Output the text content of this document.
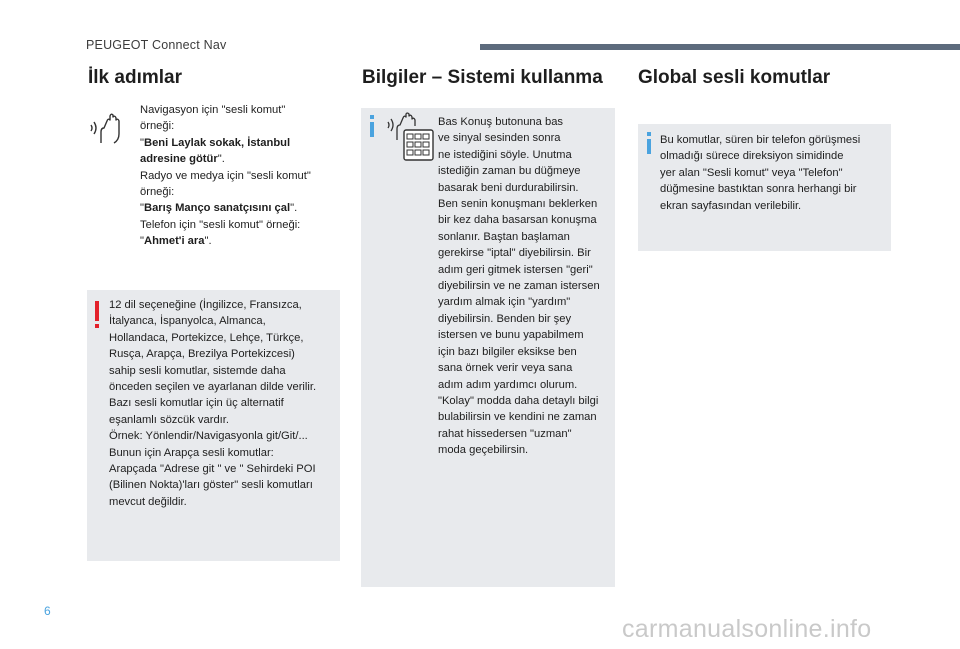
PEUGEOT Connect Nav
İlk adımlar
Navigasyon için "sesli komut"
örneği:
"Beni Laylak sokak, İstanbul
adresine götür".
Radyo ve medya için "sesli komut"
örneği:
"Barış Manço sanatçısını çal".
Telefon için "sesli komut" örneği:
"Ahmet'i ara".
12 dil seçeneğine (İngilizce, Fransızca,
İtalyanca, İspanyolca, Almanca,
Hollandaca, Portekizce, Lehçe, Türkçe,
Rusça, Arapça, Brezilya Portekizcesi)
sahip sesli komutlar, sistemde daha
önceden seçilen ve ayarlanan dilde verilir.
Bazı sesli komutlar için üç alternatif
eşanlamlı sözcük vardır.
Örnek: Yönlendir/Navigasyonla git/Git/...
Bunun için Arapça sesli komutlar:
Arapçada "Adrese git " ve " Sehirdeki POI
(Bilinen Nokta)'ları göster" sesli komutları
mevcut değildir.
Bilgiler – Sistemi kullanma
Bas Konuş butonuna bas
ve sinyal sesinden sonra
ne istediğini söyle. Unutma
istediğin zaman bu düğmeye
basarak beni durdurabilirsin.
Ben senin konuşmanı beklerken
bir kez daha basarsan konuşma
sonlanır. Baştan başlaman
gerekirse "iptal" diyebilirsin. Bir
adım geri gitmek istersen "geri"
diyebilirsin ve ne zaman istersen
yardım almak için "yardım"
diyebilirsin. Benden bir şey
istersen ve bunu yapabilmem
için bazı bilgiler eksikse ben
sana örnek verir veya sana
adım adım yardımcı olurum.
"Kolay" modda daha detaylı bilgi
bulabilirsin ve kendini ne zaman
rahat hissedersen "uzman"
moda geçebilirsin.
Global sesli komutlar
Bu komutlar, süren bir telefon görüşmesi
olmadığı sürece direksiyon simidinde
yer alan "Sesli komut" veya "Telefon"
düğmesine bastıktan sonra herhangi bir
ekran sayfasından verilebilir.
6
carmanualsonline.info
